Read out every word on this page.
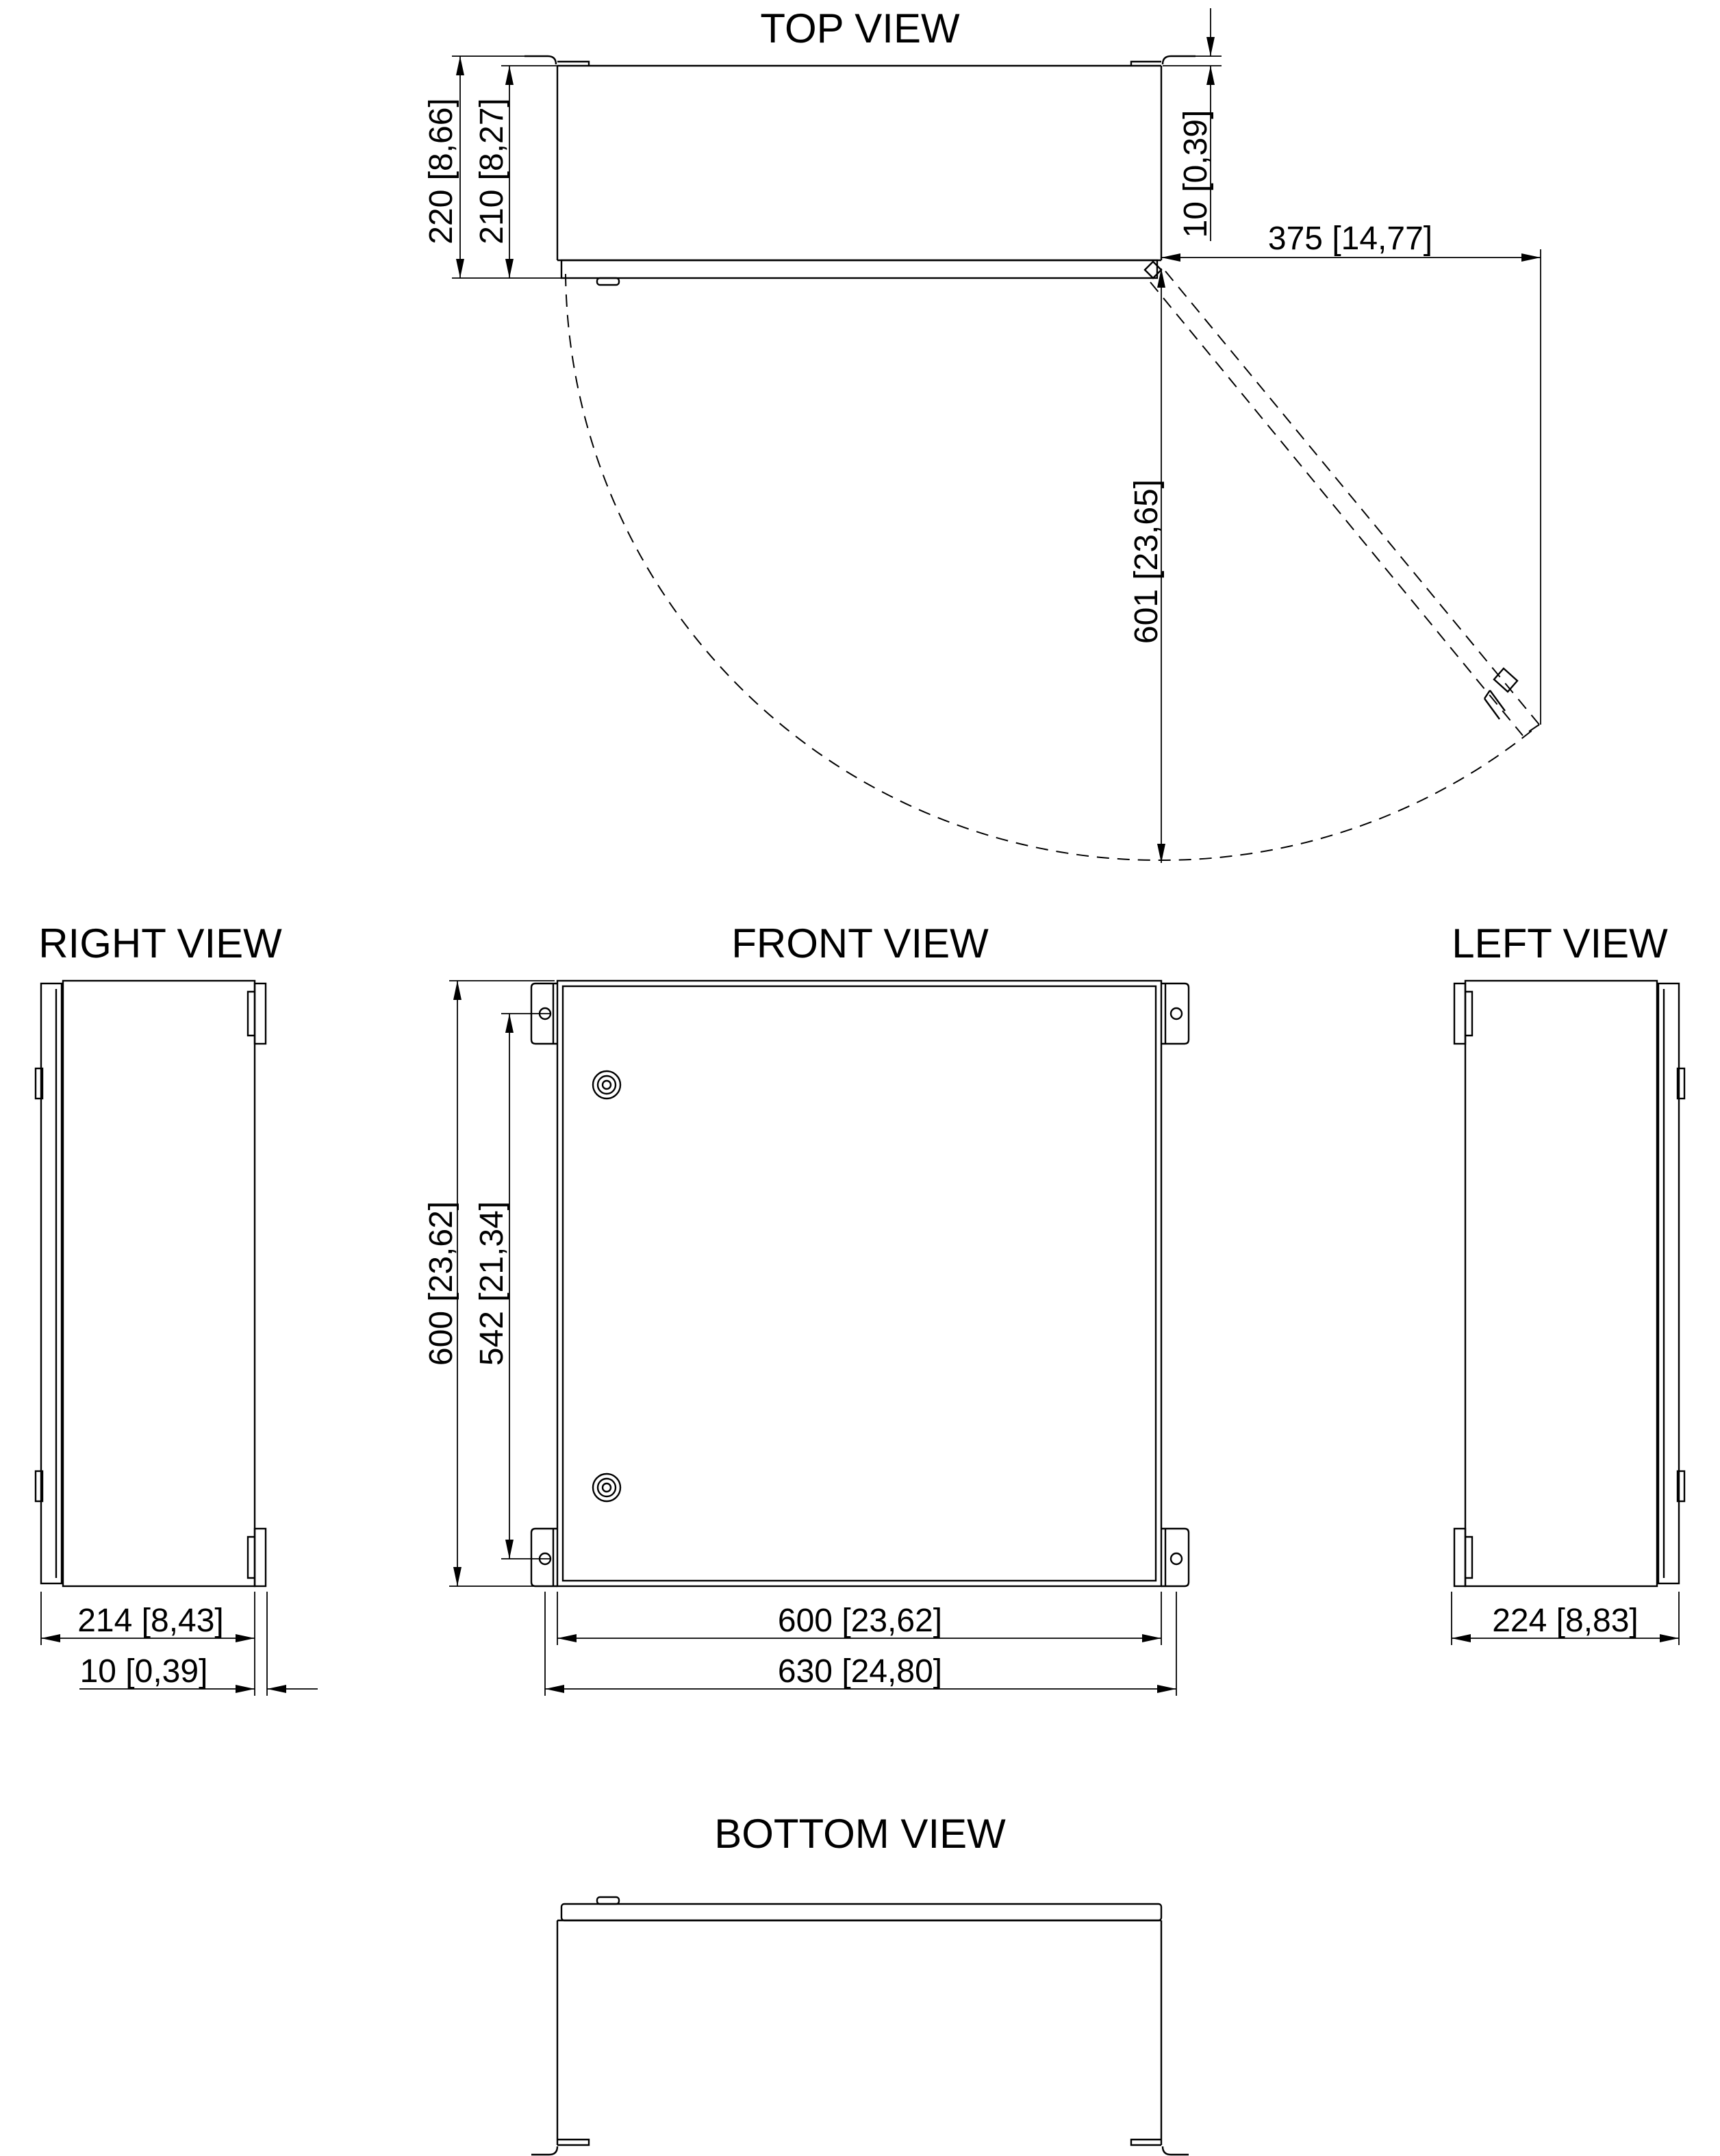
TOP VIEW
220 [8,66] 210 [8,27]	10 [0,39]
375 [14,77]
601 [23,65]
RIGHT VIEW
214 [8,43]
10 [0,39]
FRONT VIEW
600 [23,62] 542 [21,34]
600 [23,62]
630 [24,80]
LEFT VIEW
224 [8,83]
BOTTOM VIEW
